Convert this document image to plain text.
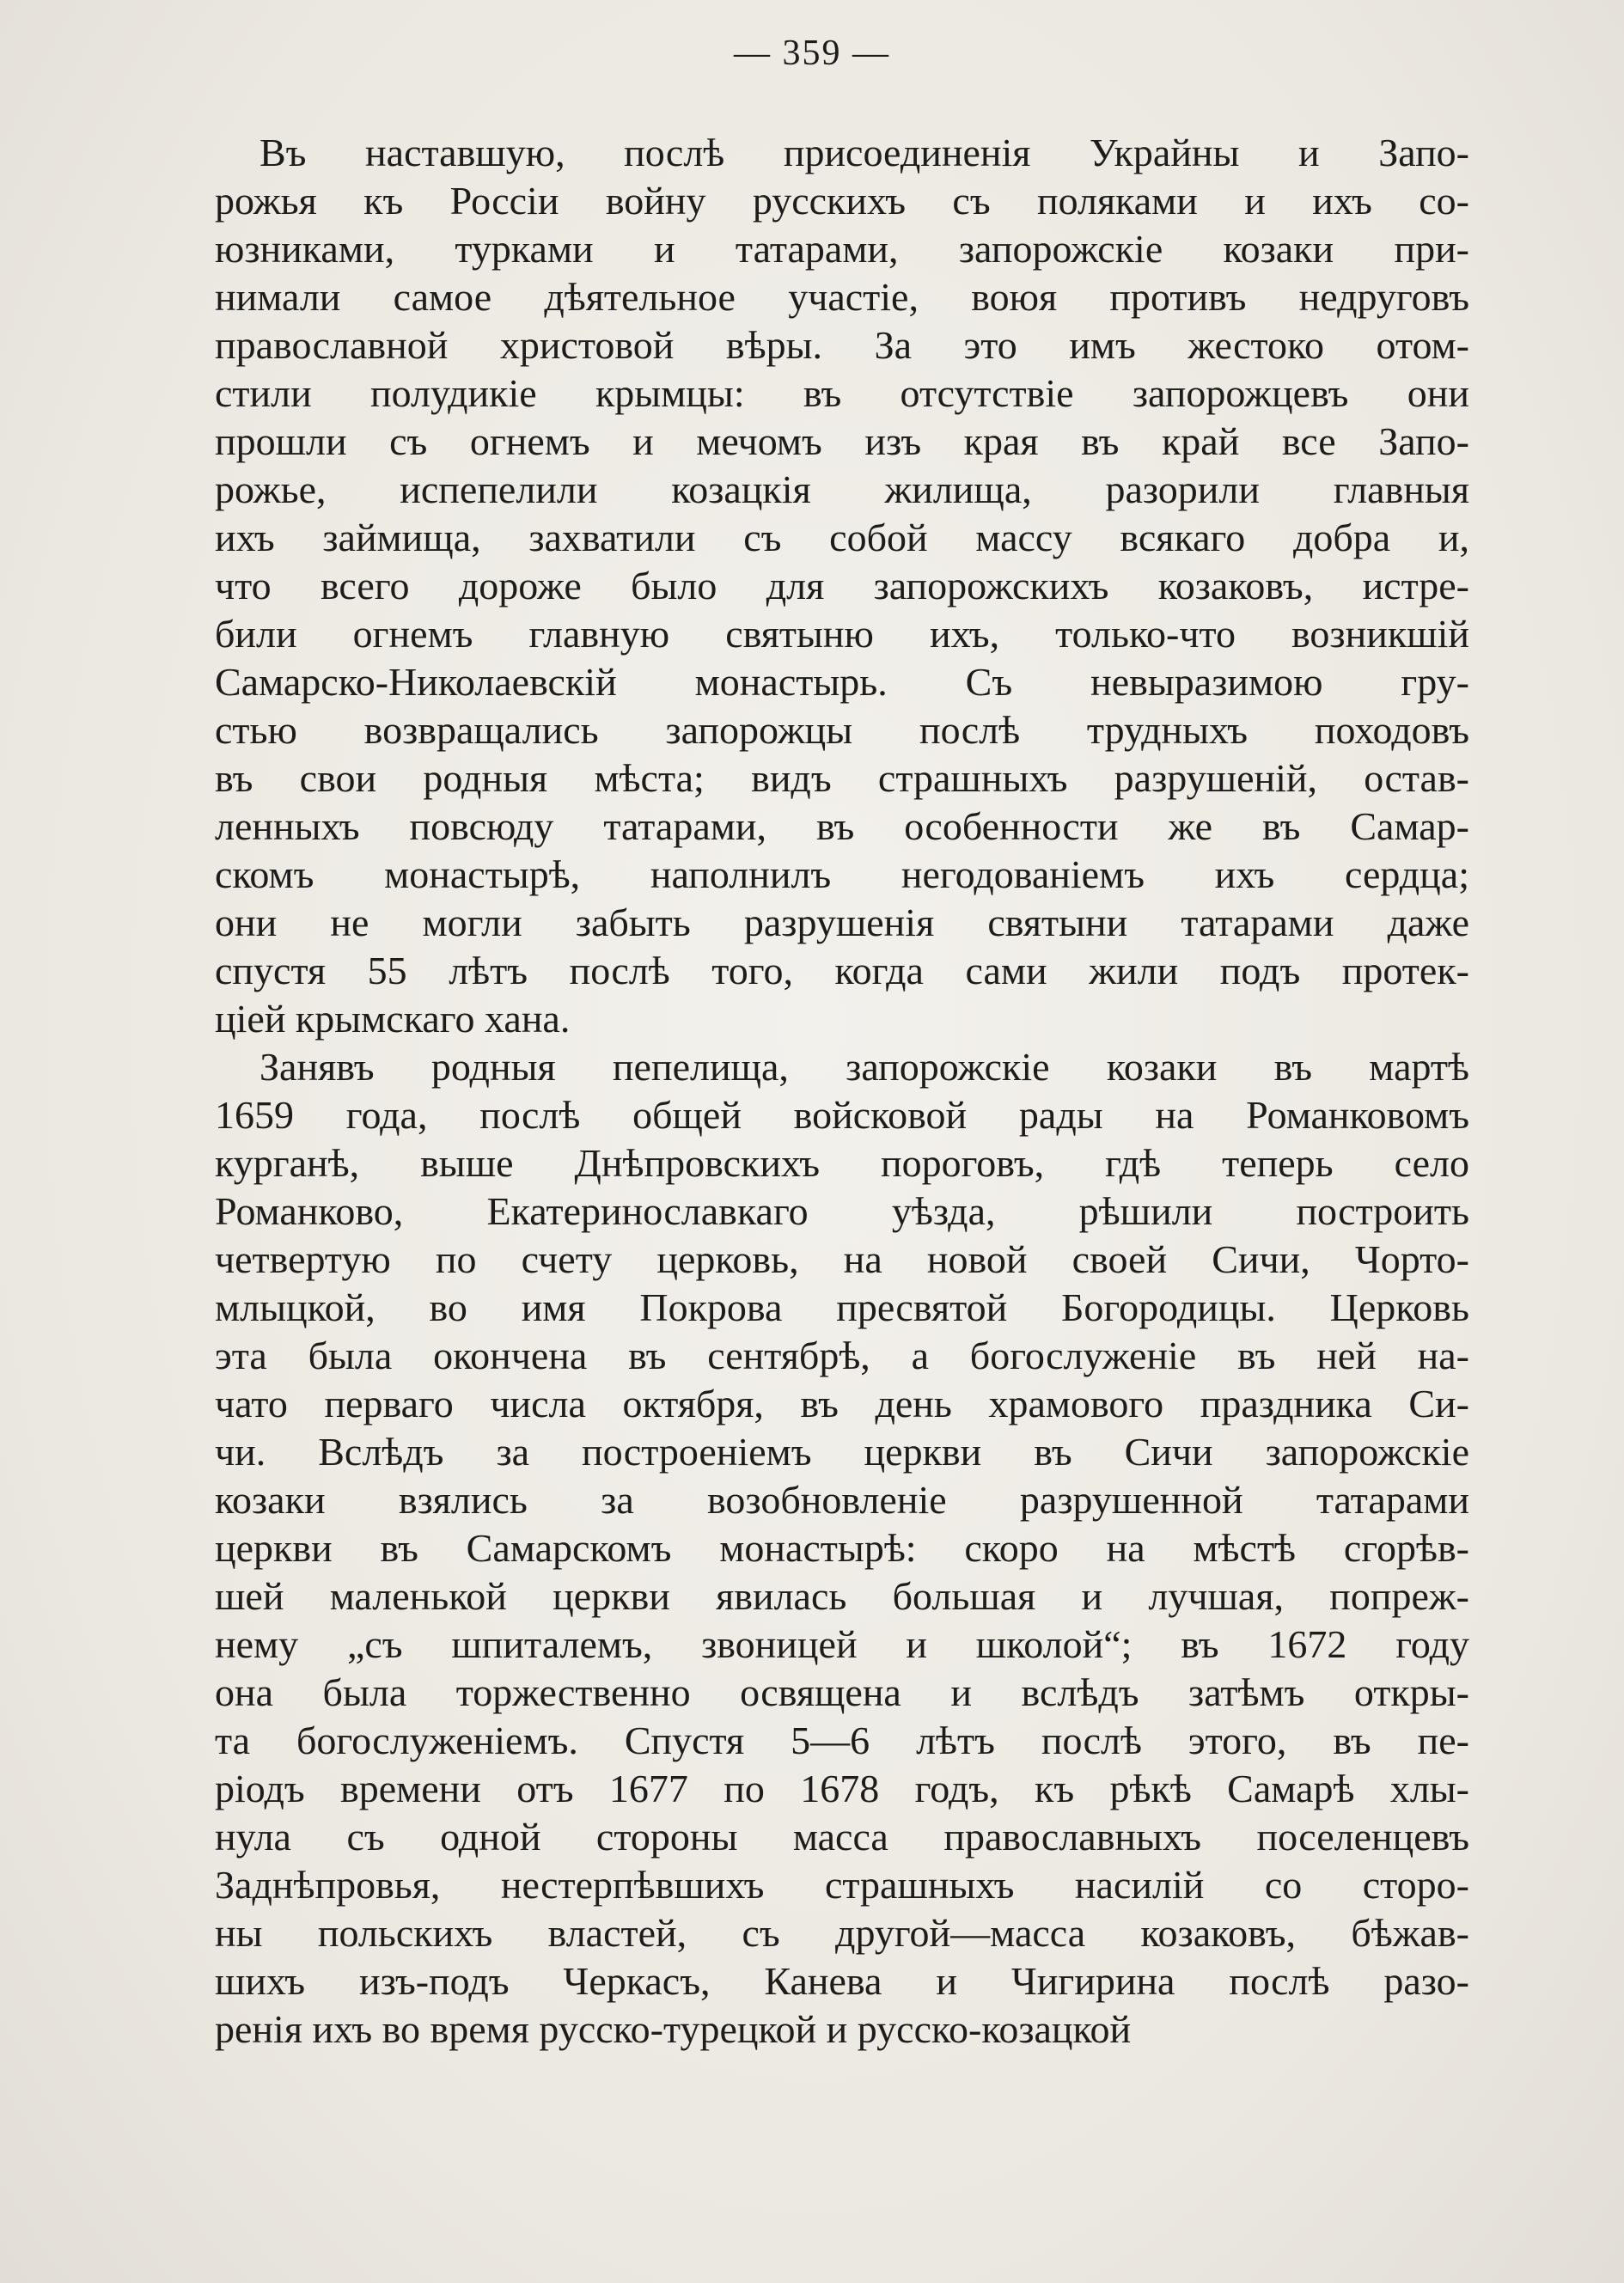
— 359 —
Въ наставшую, послѣ присоединенія Украйны и Запо-
рожья къ Россіи войну русскихъ съ поляками и ихъ со-
юзниками, турками и татарами, запорожскіе козаки при-
нимали самое дѣятельное участіе, воюя противъ недруговъ
православной христовой вѣры. За это имъ жестоко отом-
стили полудикіе крымцы: въ отсутствіе запорожцевъ они
прошли съ огнемъ и мечомъ изъ края въ край все Запо-
рожье, испепелили козацкія жилища, разорили главныя
ихъ займища, захватили съ собой массу всякаго добра и,
что всего дороже было для запорожскихъ козаковъ, истре-
били огнемъ главную святыню ихъ, только-что возникшій
Самарско-Николаевскій монастырь. Съ невыразимою гру-
стью возвращались запорожцы послѣ трудныхъ походовъ
въ свои родныя мѣста; видъ страшныхъ разрушеній, остав-
ленныхъ повсюду татарами, въ особенности же въ Самар-
скомъ монастырѣ, наполнилъ негодованіемъ ихъ сердца;
они не могли забыть разрушенія святыни татарами даже
спустя 55 лѣтъ послѣ того, когда сами жили подъ протек-
ціей крымскаго хана.
Занявъ родныя пепелища, запорожскіе козаки въ мартѣ
1659 года, послѣ общей войсковой рады на Романковомъ
курганѣ, выше Днѣпровскихъ пороговъ, гдѣ теперь село
Романково, Екатеринославкаго уѣзда, рѣшили построить
четвертую по счету церковь, на новой своей Сичи, Чорто-
млыцкой, во имя Покрова пресвятой Богородицы. Церковь
эта была окончена въ сентябрѣ, а богослуженіе въ ней на-
чато перваго числа октября, въ день храмового праздника Си-
чи. Вслѣдъ за построеніемъ церкви въ Сичи запорожскіе
козаки взялись за возобновленіе разрушенной татарами
церкви въ Самарскомъ монастырѣ: скоро на мѣстѣ сгорѣв-
шей маленькой церкви явилась большая и лучшая, попреж-
нему „съ шпиталемъ, звоницей и школой“; въ 1672 году
она была торжественно освящена и вслѣдъ затѣмъ откры-
та богослуженіемъ. Спустя 5—6 лѣтъ послѣ этого, въ пе-
ріодъ времени отъ 1677 по 1678 годъ, къ рѣкѣ Самарѣ хлы-
нула съ одной стороны масса православныхъ поселенцевъ
Заднѣпровья, нестерпѣвшихъ страшныхъ насилій со сторо-
ны польскихъ властей, съ другой—масса козаковъ, бѣжав-
шихъ изъ-подъ Черкасъ, Канева и Чигирина послѣ разо-
ренія ихъ во время русско-турецкой и русско-козацкой
